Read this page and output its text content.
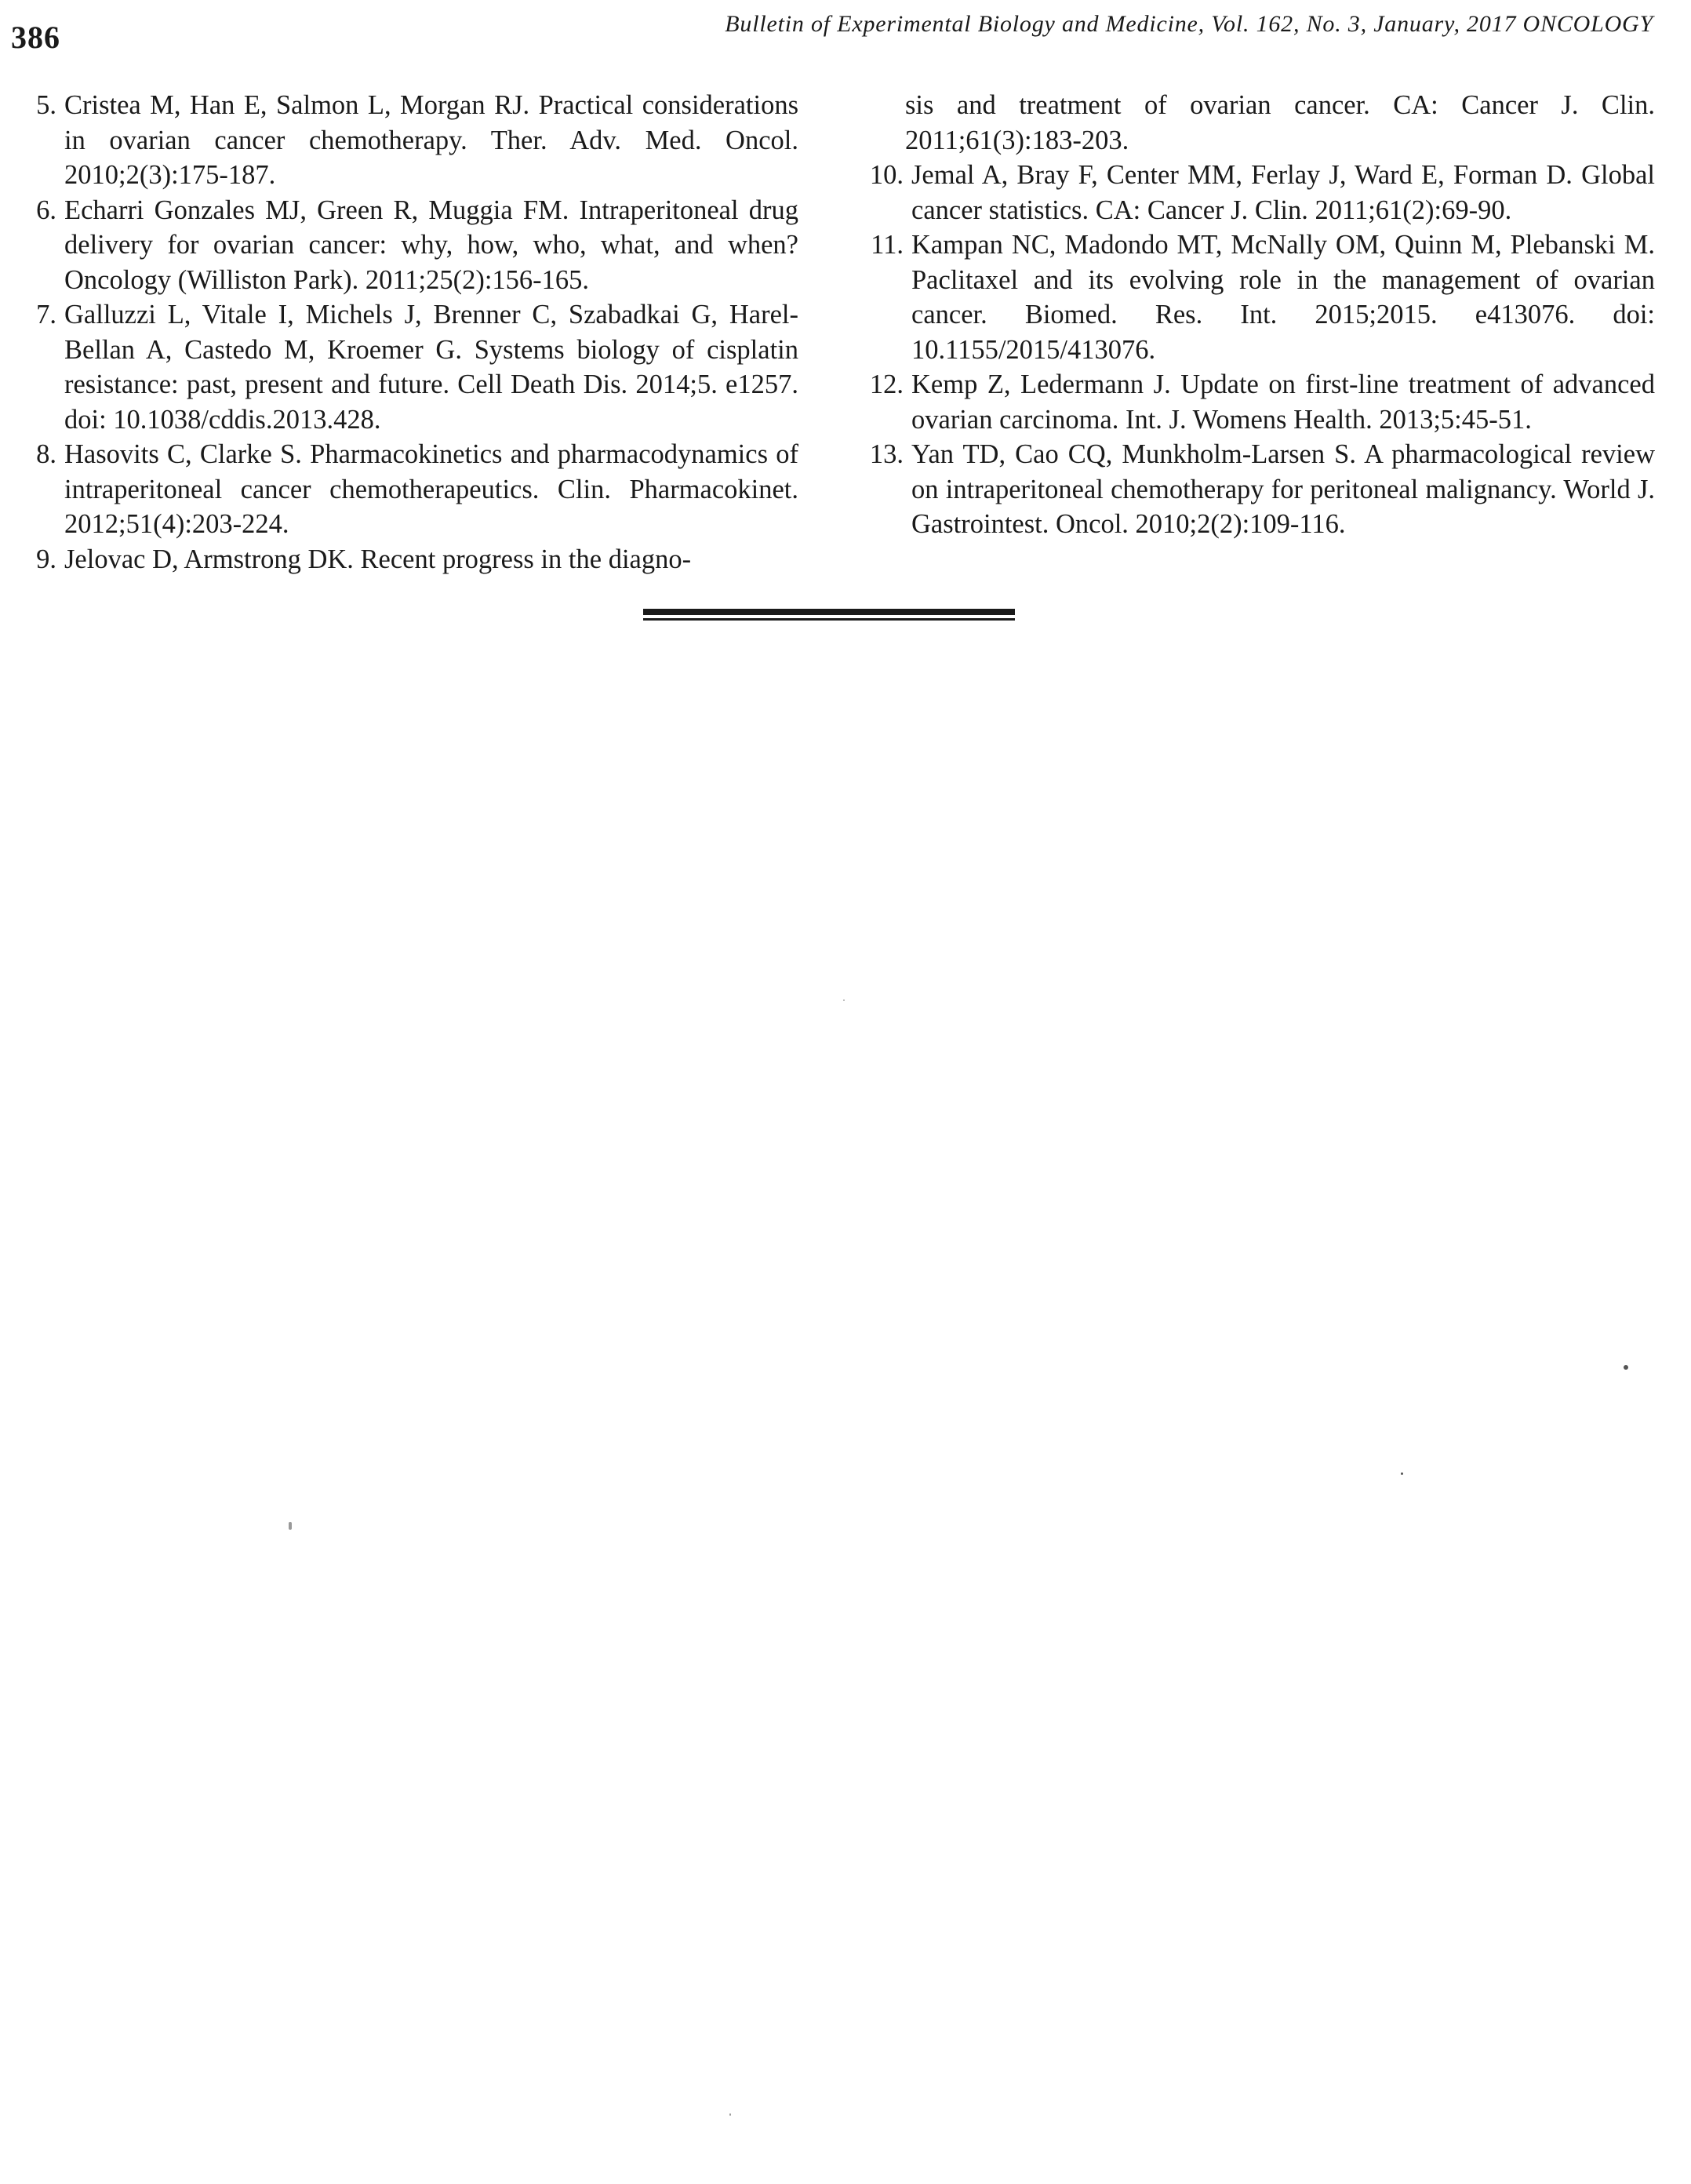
386	Bulletin of Experimental Biology and Medicine, Vol. 162, No. 3, January, 2017 ONCOLOGY
5. Cristea M, Han E, Salmon L, Morgan RJ. Practical considerations in ovarian cancer chemotherapy. Ther. Adv. Med. Oncol. 2010;2(3):175-187.
6. Echarri Gonzales MJ, Green R, Muggia FM. Intraperitoneal drug delivery for ovarian cancer: why, how, who, what, and when? Oncology (Williston Park). 2011;25(2):156-165.
7. Galluzzi L, Vitale I, Michels J, Brenner C, Szabadkai G, Harel-Bellan A, Castedo M, Kroemer G. Systems biology of cisplatin resistance: past, present and future. Cell Death Dis. 2014;5. e1257. doi: 10.1038/cddis.2013.428.
8. Hasovits C, Clarke S. Pharmacokinetics and pharmacodynamics of intraperitoneal cancer chemotherapeutics. Clin. Pharmacokinet. 2012;51(4):203-224.
9. Jelovac D, Armstrong DK. Recent progress in the diagno-
sis and treatment of ovarian cancer. CA: Cancer J. Clin. 2011;61(3):183-203.
10. Jemal A, Bray F, Center MM, Ferlay J, Ward E, Forman D. Global cancer statistics. CA: Cancer J. Clin. 2011;61(2):69-90.
11. Kampan NC, Madondo MT, McNally OM, Quinn M, Plebanski M. Paclitaxel and its evolving role in the management of ovarian cancer. Biomed. Res. Int. 2015;2015. e413076. doi: 10.1155/2015/413076.
12. Kemp Z, Ledermann J. Update on first-line treatment of advanced ovarian carcinoma. Int. J. Womens Health. 2013;5:45-51.
13. Yan TD, Cao CQ, Munkholm-Larsen S. A pharmacological review on intraperitoneal chemotherapy for peritoneal malignancy. World J. Gastrointest. Oncol. 2010;2(2):109-116.
